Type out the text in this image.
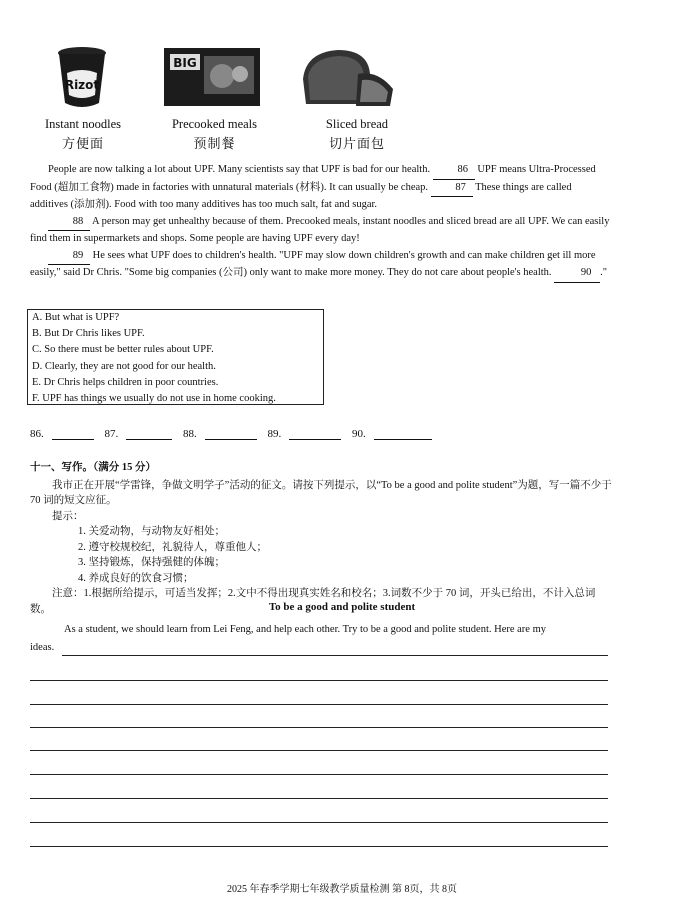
Rizot
BIG
Instant noodles
方便面
Precooked meals
预制餐
Sliced bread
切片面包

People are now talking a lot about UPF. Many scientists say that UPF is bad for our health. 86 UPF means Ultra-Processed Food (超加工食物) made in factories with unnatural materials (材料). It can usually be cheap. 87 These things are called additives (添加剂). Food with too many additives has too much salt, fat and sugar.

88 A person may get unhealthy because of them. Precooked meals, instant noodles and sliced bread are all UPF. We can easily find them in supermarkets and shops. Some people are having UPF every day!

89 He sees what UPF does to children's health. "UPF may slow down children's growth and can make children get ill more easily," said Dr Chris. "Some big companies (公司) only want to make more money. They do not care about people's health.	90 ."

A. But what is UPF?
B. But Dr Chris likes UPF.
C. So there must be better rules about UPF.
D. Clearly, they are not good for our health.
E. Dr Chris helps children in poor countries.
F. UPF has things we usually do not use in home cooking.
86.	87.	88.	89.	90.
十一、写作。（满分 15 分）
我市正在开展“学雷锋，争做文明学子”活动的征文。请按下列提示，以“To be a good and polite student”为题，写一篇不少于 70 词的短文应征。
提示：
1. 关爱动物，与动物友好相处；
2. 遵守校规校纪，礼貌待人，尊重他人；
3. 坚持锻炼，保持强健的体魄；
4. 养成良好的饮食习惯；
注意：1.根据所给提示，可适当发挥；2.文中不得出现真实姓名和校名；3.词数不少于 70 词，开头已给出，不计入总词数。	To be a good and polite student
As a student, we should learn from Lei Feng, and help each other. Try to be a good and polite student. Here are my
ideas.
2025 年春季学期七年级教学质量检测 第 8页，共 8页
